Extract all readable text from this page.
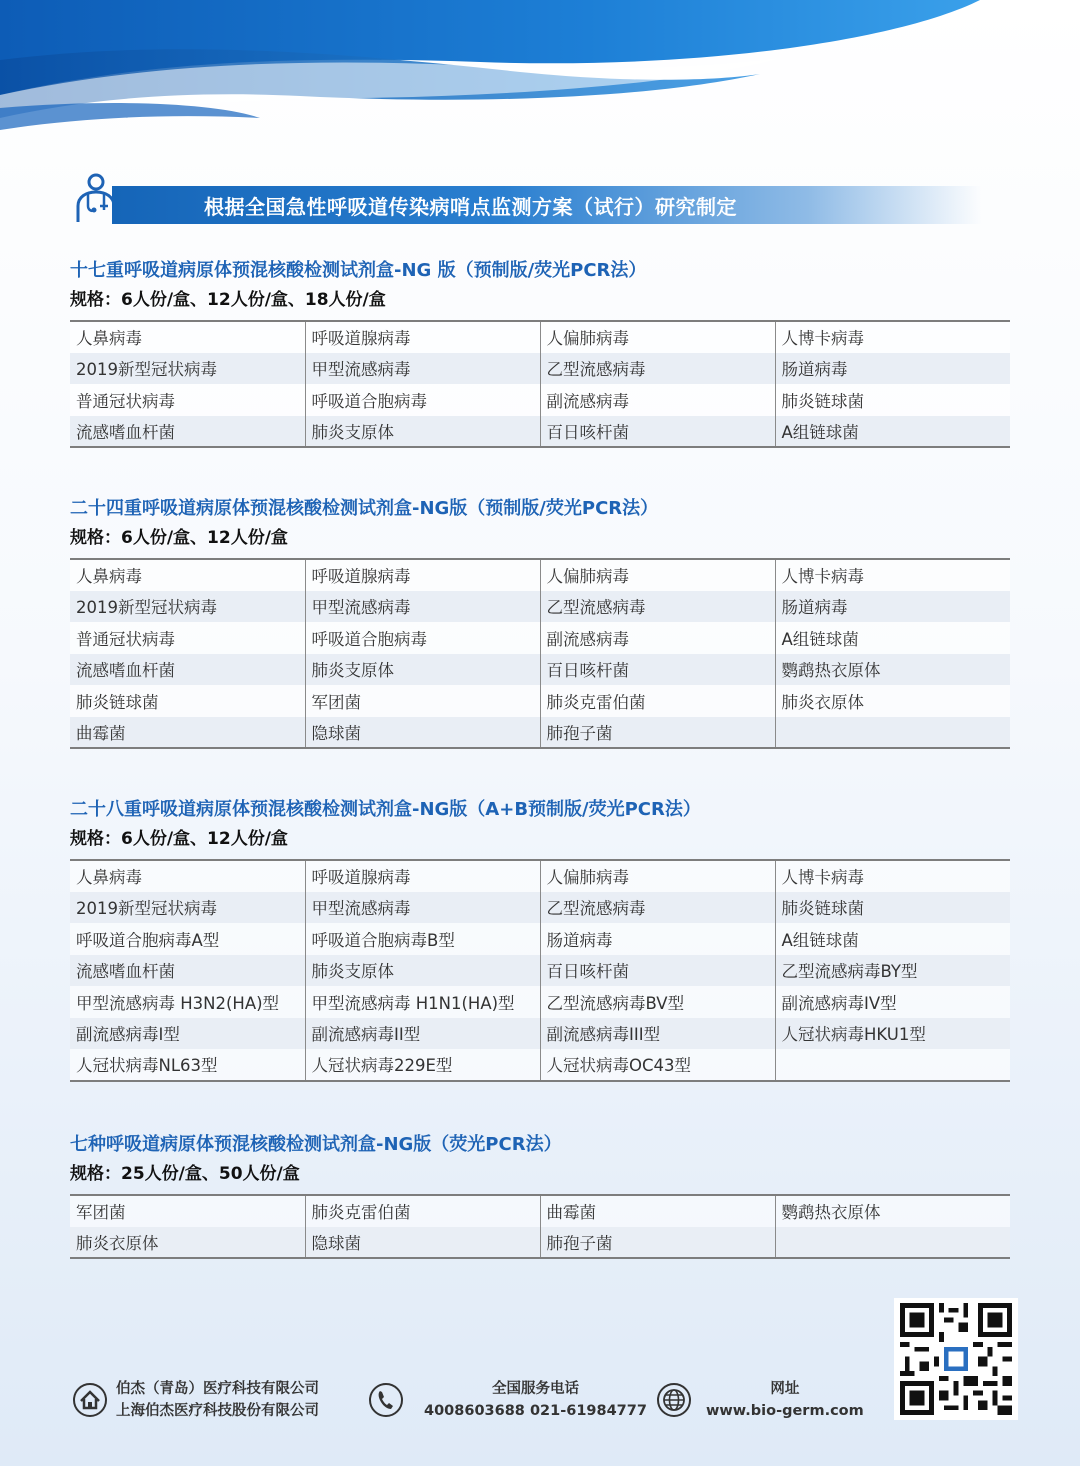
根据全国急性呼吸道传染病哨点监测方案（试行）研究制定
十七重呼吸道病原体预混核酸检测试剂盒-NG 版（预制版/荧光PCR法）
规格：6人份/盒、12人份/盒、18人份/盒
人鼻病毒	呼吸道腺病毒	人偏肺病毒	人博卡病毒
2019新型冠状病毒	甲型流感病毒	乙型流感病毒	肠道病毒
普通冠状病毒	呼吸道合胞病毒	副流感病毒	肺炎链球菌
流感嗜血杆菌	肺炎支原体	百日咳杆菌	A组链球菌
二十四重呼吸道病原体预混核酸检测试剂盒-NG版（预制版/荧光PCR法）
规格：6人份/盒、12人份/盒
人鼻病毒	呼吸道腺病毒	人偏肺病毒	人博卡病毒
2019新型冠状病毒	甲型流感病毒	乙型流感病毒	肠道病毒
普通冠状病毒	呼吸道合胞病毒	副流感病毒	A组链球菌
流感嗜血杆菌	肺炎支原体	百日咳杆菌	鹦鹉热衣原体
肺炎链球菌	军团菌	肺炎克雷伯菌	肺炎衣原体
曲霉菌	隐球菌	肺孢子菌	
二十八重呼吸道病原体预混核酸检测试剂盒-NG版（A+B预制版/荧光PCR法）
规格：6人份/盒、12人份/盒
人鼻病毒	呼吸道腺病毒	人偏肺病毒	人博卡病毒
2019新型冠状病毒	甲型流感病毒	乙型流感病毒	肺炎链球菌
呼吸道合胞病毒A型	呼吸道合胞病毒B型	肠道病毒	A组链球菌
流感嗜血杆菌	肺炎支原体	百日咳杆菌	乙型流感病毒BY型
甲型流感病毒 H3N2(HA)型	甲型流感病毒 H1N1(HA)型	乙型流感病毒BV型	副流感病毒IV型
副流感病毒I型	副流感病毒II型	副流感病毒III型	人冠状病毒HKU1型
人冠状病毒NL63型	人冠状病毒229E型	人冠状病毒OC43型	
七种呼吸道病原体预混核酸检测试剂盒-NG版（荧光PCR法）
规格：25人份/盒、50人份/盒
军团菌	肺炎克雷伯菌	曲霉菌	鹦鹉热衣原体
肺炎衣原体	隐球菌	肺孢子菌	
伯杰（青岛）医疗科技有限公司
上海伯杰医疗科技股份有限公司
全国服务电话
4008603688 021-61984777
网址
www.bio-germ.com
